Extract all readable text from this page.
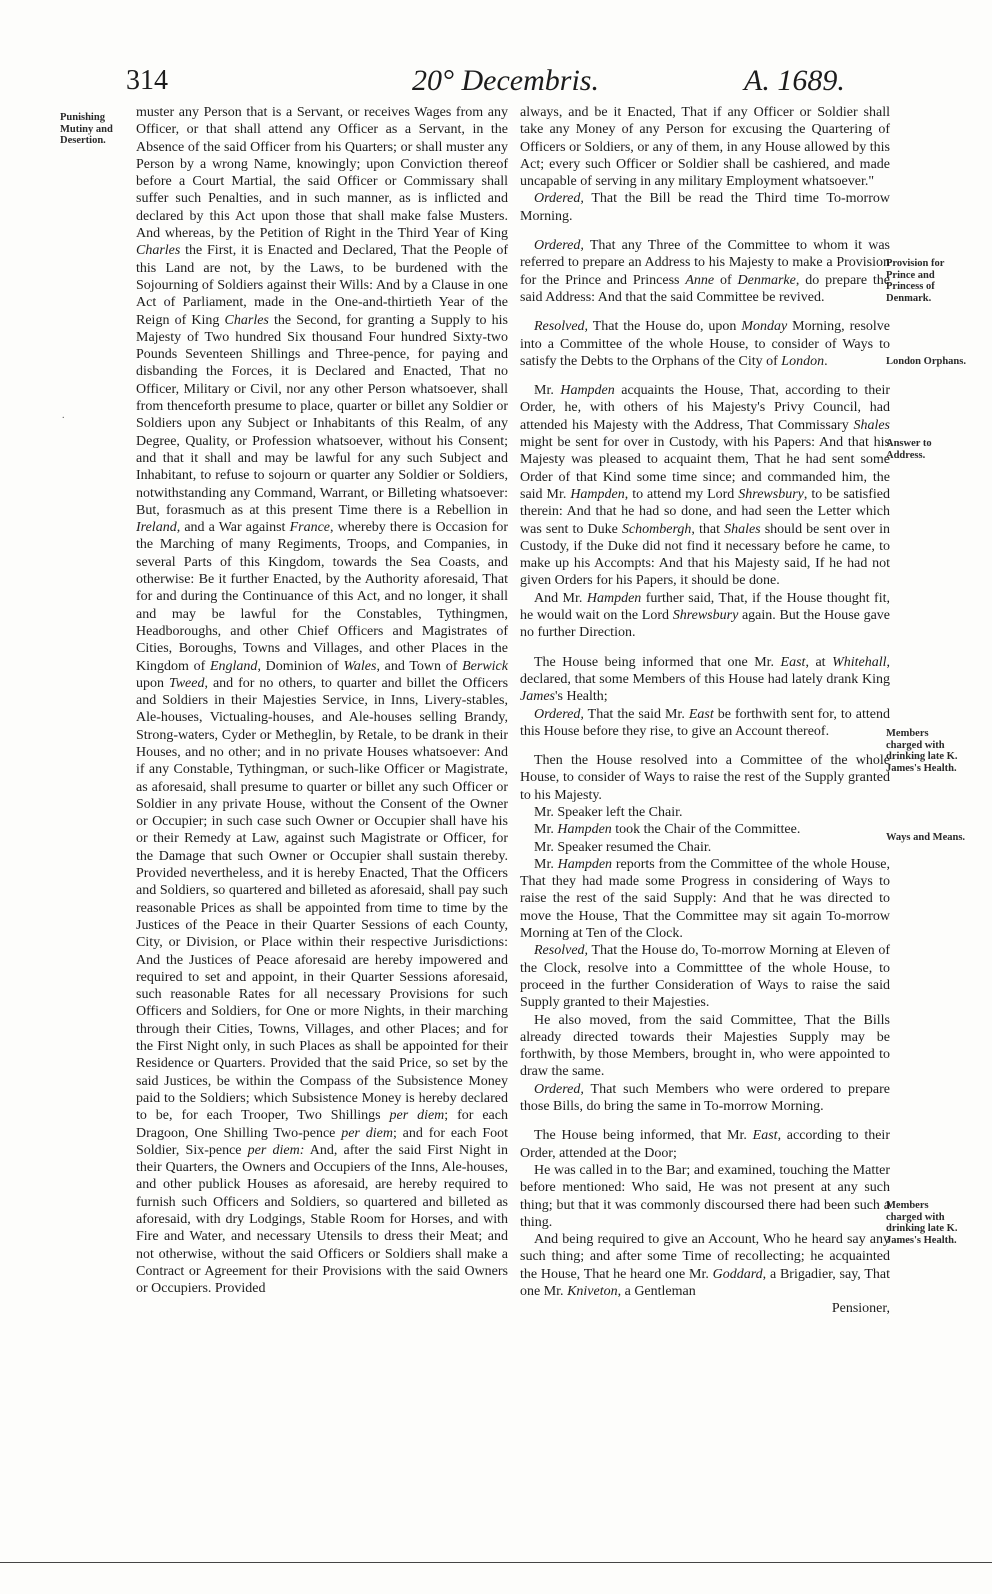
314	20° Decembris.	A. 1689.
Punishing Mutiny and Desertion.
.
Provision for Prince and Princess of Denmark.
London Orphans.
Answer to Address.
Members charged with drinking late K. James's Health.
Ways and Means.
Members charged with drinking late K. James's Health.

muster any Person that is a Servant, or receives Wages from any Officer, or that shall attend any Officer as a Servant, in the Absence of the said Officer from his Quarters; or shall muster any Person by a wrong Name, knowingly; upon Conviction thereof before a Court Martial, the said Officer or Commissary shall suffer such Penalties, and in such manner, as is inflicted and declared by this Act upon those that shall make false Musters. And whereas, by the Petition of Right in the Third Year of King Charles the First, it is Enacted and Declared, That the People of this Land are not, by the Laws, to be burdened with the Sojourning of Soldiers against their Wills: And by a Clause in one Act of Parliament, made in the One-and-thirtieth Year of the Reign of King Charles the Second, for granting a Supply to his Majesty of Two hundred Six thousand Four hundred Sixty-two Pounds Seventeen Shillings and Three-pence, for paying and disbanding the Forces, it is Declared and Enacted, That no Officer, Military or Civil, nor any other Person whatsoever, shall from thenceforth presume to place, quarter or billet any Soldier or Soldiers upon any Subject or Inhabitants of this Realm, of any Degree, Quality, or Profession whatsoever, without his Consent; and that it shall and may be lawful for any such Subject and Inhabitant, to refuse to sojourn or quarter any Soldier or Soldiers, notwithstanding any Command, Warrant, or Billeting whatsoever: But, forasmuch as at this present Time there is a Rebellion in Ireland, and a War against France, whereby there is Occasion for the Marching of many Regiments, Troops, and Companies, in several Parts of this Kingdom, towards the Sea Coasts, and otherwise: Be it further Enacted, by the Authority aforesaid, That for and during the Continuance of this Act, and no longer, it shall and may be lawful for the Constables, Tythingmen, Headboroughs, and other Chief Officers and Magistrates of Cities, Boroughs, Towns and Villages, and other Places in the Kingdom of England, Dominion of Wales, and Town of Berwick upon Tweed, and for no others, to quarter and billet the Officers and Soldiers in their Majesties Service, in Inns, Livery-stables, Ale-houses, Victualing-houses, and Ale-houses selling Brandy, Strong-waters, Cyder or Metheglin, by Retale, to be drank in their Houses, and no other; and in no private Houses whatsoever: And if any Constable, Tythingman, or such-like Officer or Magistrate, as aforesaid, shall presume to quarter or billet any such Officer or Soldier in any private House, without the Consent of the Owner or Occupier; in such case such Owner or Occupier shall have his or their Remedy at Law, against such Magistrate or Officer, for the Damage that such Owner or Occupier shall sustain thereby. Provided nevertheless, and it is hereby Enacted, That the Officers and Soldiers, so quartered and billeted as aforesaid, shall pay such reasonable Prices as shall be appointed from time to time by the Justices of the Peace in their Quarter Sessions of each County, City, or Division, or Place within their respective Jurisdictions: And the Justices of Peace aforesaid are hereby impowered and required to set and appoint, in their Quarter Sessions aforesaid, such reasonable Rates for all necessary Provisions for such Officers and Soldiers, for One or more Nights, in their marching through their Cities, Towns, Villages, and other Places; and for the First Night only, in such Places as shall be appointed for their Residence or Quarters. Provided that the said Price, so set by the said Justices, be within the Compass of the Subsistence Money paid to the Soldiers; which Subsistence Money is hereby declared to be, for each Trooper, Two Shillings per diem; for each Dragoon, One Shilling Two-pence per diem; and for each Foot Soldier, Six-pence per diem: And, after the said First Night in their Quarters, the Owners and Occupiers of the Inns, Ale-houses, and other publick Houses as aforesaid, are hereby required to furnish such Officers and Soldiers, so quartered and billeted as aforesaid, with dry Lodgings, Stable Room for Horses, and with Fire and Water, and necessary Utensils to dress their Meat; and not otherwise, without the said Officers or Soldiers shall make a Contract or Agreement for their Provisions with the said Owners or Occupiers. Provided

always, and be it Enacted, That if any Officer or Soldier shall take any Money of any Person for excusing the Quartering of Officers or Soldiers, or any of them, in any House allowed by this Act; every such Officer or Soldier shall be cashiered, and made uncapable of serving in any military Employment whatsoever."

Ordered, That the Bill be read the Third time To-morrow Morning.

Ordered, That any Three of the Committee to whom it was referred to prepare an Address to his Majesty to make a Provision for the Prince and Princess Anne of Denmarke, do prepare the said Address: And that the said Committee be revived.

Resolved, That the House do, upon Monday Morning, resolve into a Committee of the whole House, to consider of Ways to satisfy the Debts to the Orphans of the City of London.

Mr. Hampden acquaints the House, That, according to their Order, he, with others of his Majesty's Privy Council, had attended his Majesty with the Address, That Commissary Shales might be sent for over in Custody, with his Papers: And that his Majesty was pleased to acquaint them, That he had sent some Order of that Kind some time since; and commanded him, the said Mr. Hampden, to attend my Lord Shrewsbury, to be satisfied therein: And that he had so done, and had seen the Letter which was sent to Duke Schombergh, that Shales should be sent over in Custody, if the Duke did not find it necessary before he came, to make up his Accompts: And that his Majesty said, If he had not given Orders for his Papers, it should be done.

And Mr. Hampden further said, That, if the House thought fit, he would wait on the Lord Shrewsbury again. But the House gave no further Direction.

The House being informed that one Mr. East, at Whitehall, declared, that some Members of this House had lately drank King James's Health;

Ordered, That the said Mr. East be forthwith sent for, to attend this House before they rise, to give an Account thereof.

Then the House resolved into a Committee of the whole House, to consider of Ways to raise the rest of the Supply granted to his Majesty.

Mr. Speaker left the Chair.

Mr. Hampden took the Chair of the Committee.

Mr. Speaker resumed the Chair.

Mr. Hampden reports from the Committee of the whole House, That they had made some Progress in considering of Ways to raise the rest of the said Supply: And that he was directed to move the House, That the Committee may sit again To-morrow Morning at Ten of the Clock.

Resolved, That the House do, To-morrow Morning at Eleven of the Clock, resolve into a Committtee of the whole House, to proceed in the further Consideration of Ways to raise the said Supply granted to their Majesties.

He also moved, from the said Committee, That the Bills already directed towards their Majesties Supply may be forthwith, by those Members, brought in, who were appointed to draw the same.

Ordered, That such Members who were ordered to prepare those Bills, do bring the same in To-morrow Morning.

The House being informed, that Mr. East, according to their Order, attended at the Door;

He was called in to the Bar; and examined, touching the Matter before mentioned: Who said, He was not present at any such thing; but that it was commonly discoursed there had been such a thing.

And being required to give an Account, Who he heard say any such thing; and after some Time of recollecting; he acquainted the House, That he heard one Mr. Goddard, a Brigadier, say, That one Mr. Kniveton, a Gentleman

Pensioner,
